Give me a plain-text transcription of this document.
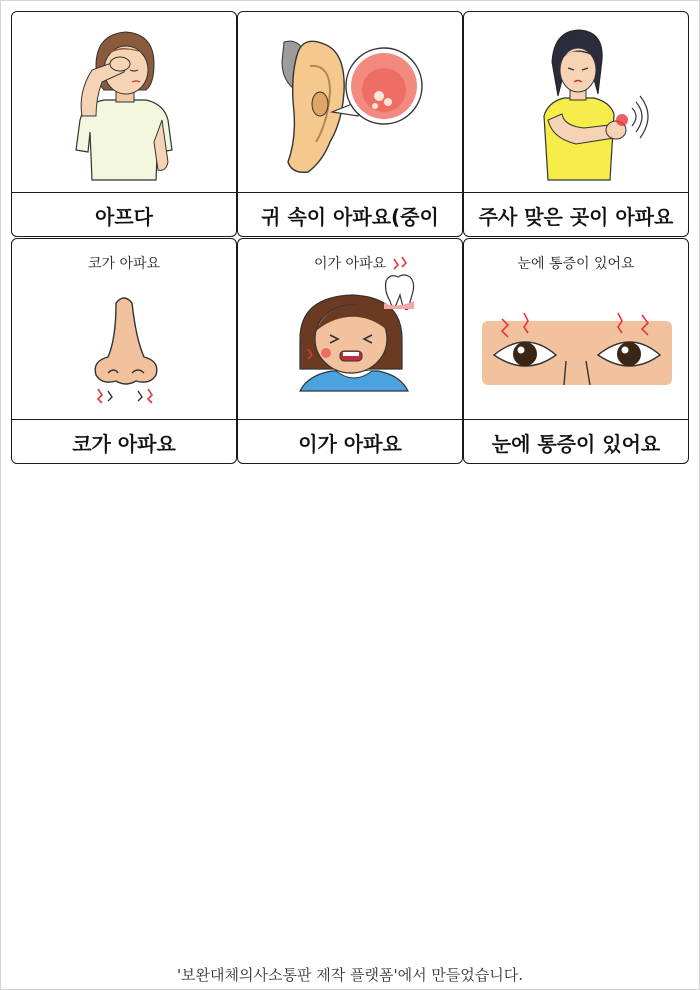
아프다	귀 속이 아파요(중이	주사 맞은 곳이 아파요
코가 아파요
코가 아파요
이가 아파요
이가 아파요
눈에 통증이 있어요
눈에 통증이 있어요
'보완대체의사소통판 제작 플랫폼'에서 만들었습니다.
